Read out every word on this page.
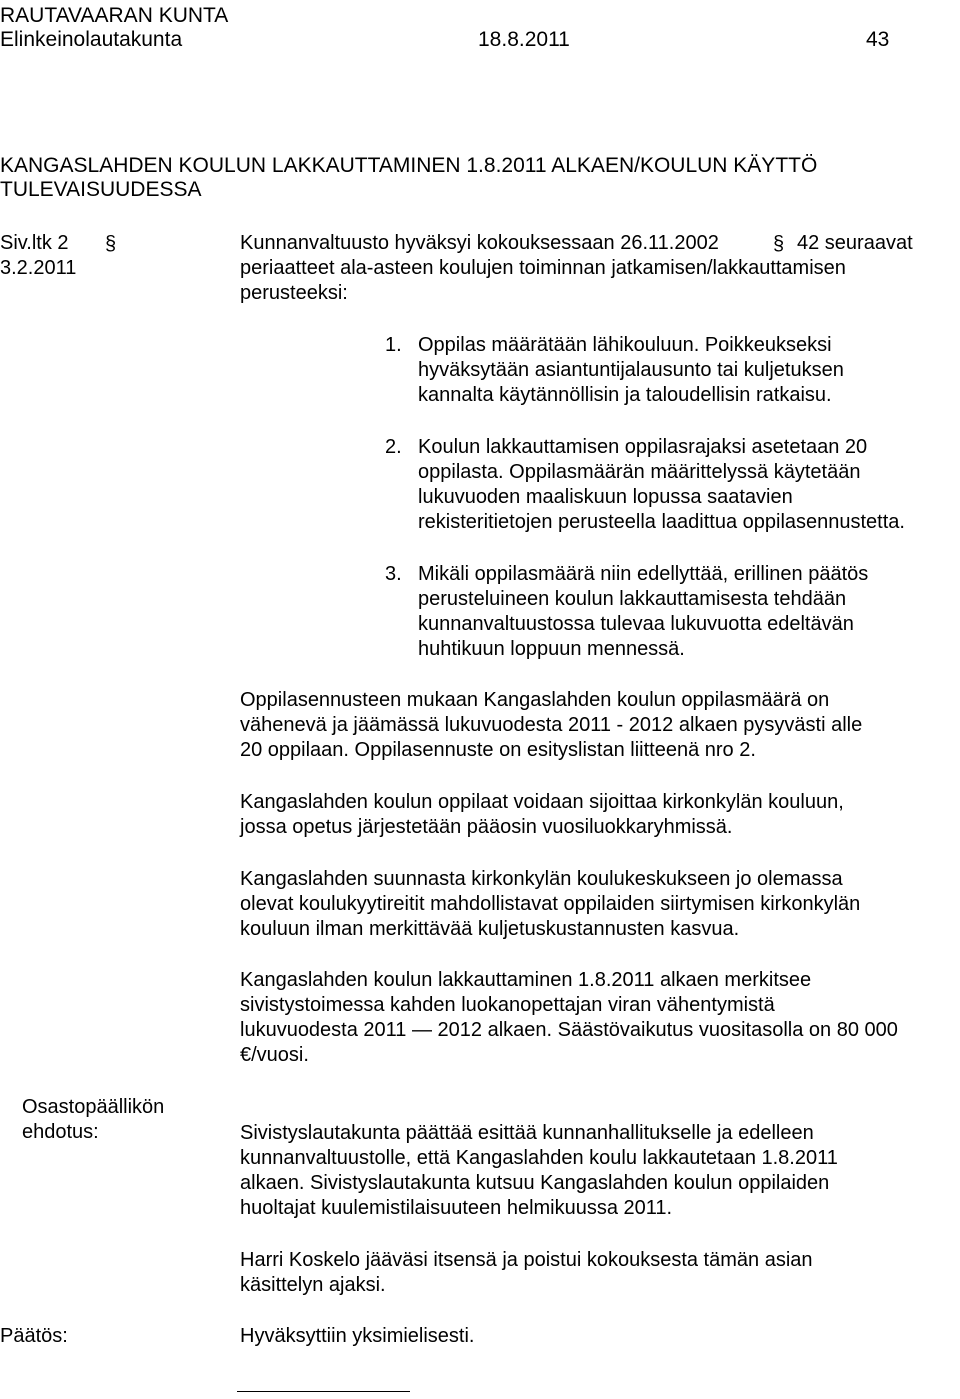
RAUTAVAARAN KUNTA
Elinkeinolautakunta	18.8.2011	43
KANGASLAHDEN KOULUN LAKKAUTTAMINEN 1.8.2011 ALKAEN/KOULUN KÄYTTÖ
TULEVAISUUDESSA
Siv.ltk 2 §
3.2.2011
Kunnanvaltuusto hyväksyi kokouksessaan 26.11.2002	§ 42 seuraavat
periaatteet ala-asteen koulujen toiminnan jatkamisen/lakkauttamisen
perusteeksi:
1. Oppilas määrätään lähikouluun. Poikkeukseksi
hyväksytään asiantuntijalausunto tai kuljetuksen
kannalta käytännöllisin ja taloudellisin ratkaisu.
2. Koulun lakkauttamisen oppilasrajaksi asetetaan 20
oppilasta. Oppilasmäärän määrittelyssä käytetään
lukuvuoden maaliskuun lopussa saatavien
rekisteritietojen perusteella laadittua oppilasennustetta.
3. Mikäli oppilasmäärä niin edellyttää, erillinen päätös
perusteluineen koulun lakkauttamisesta tehdään
kunnanvaltuustossa tulevaa lukuvuotta edeltävän
huhtikuun loppuun mennessä.
Oppilasennusteen mukaan Kangaslahden koulun oppilasmäärä on
vähenevä ja jäämässä lukuvuodesta 2011 - 2012 alkaen pysyvästi alle
20 oppilaan. Oppilasennuste on esityslistan liitteenä nro 2.
Kangaslahden koulun oppilaat voidaan sijoittaa kirkonkylän kouluun,
jossa opetus järjestetään pääosin vuosiluokkaryhmissä.
Kangaslahden suunnasta kirkonkylän koulukeskukseen jo olemassa
olevat koulukyytireitit mahdollistavat oppilaiden siirtymisen kirkonkylän
kouluun ilman merkittävää kuljetuskustannusten kasvua.
Kangaslahden koulun lakkauttaminen 1.8.2011 alkaen merkitsee
sivistystoimessa kahden luokanopettajan viran vähentymistä
lukuvuodesta 2011 — 2012 alkaen. Säästövaikutus vuositasolla on 80 000
€/vuosi.
Osastopäällikön
ehdotus:	Sivistyslautakunta päättää esittää kunnanhallitukselle ja edelleen
kunnanvaltuustolle, että Kangaslahden koulu lakkautetaan 1.8.2011
alkaen. Sivistyslautakunta kutsuu Kangaslahden koulun oppilaiden
huoltajat kuulemistilaisuuteen helmikuussa 2011.
Harri Koskelo jääväsi itsensä ja poistui kokouksesta tämän asian
käsittelyn ajaksi.
Päätös:	Hyväksyttiin yksimielisesti.
